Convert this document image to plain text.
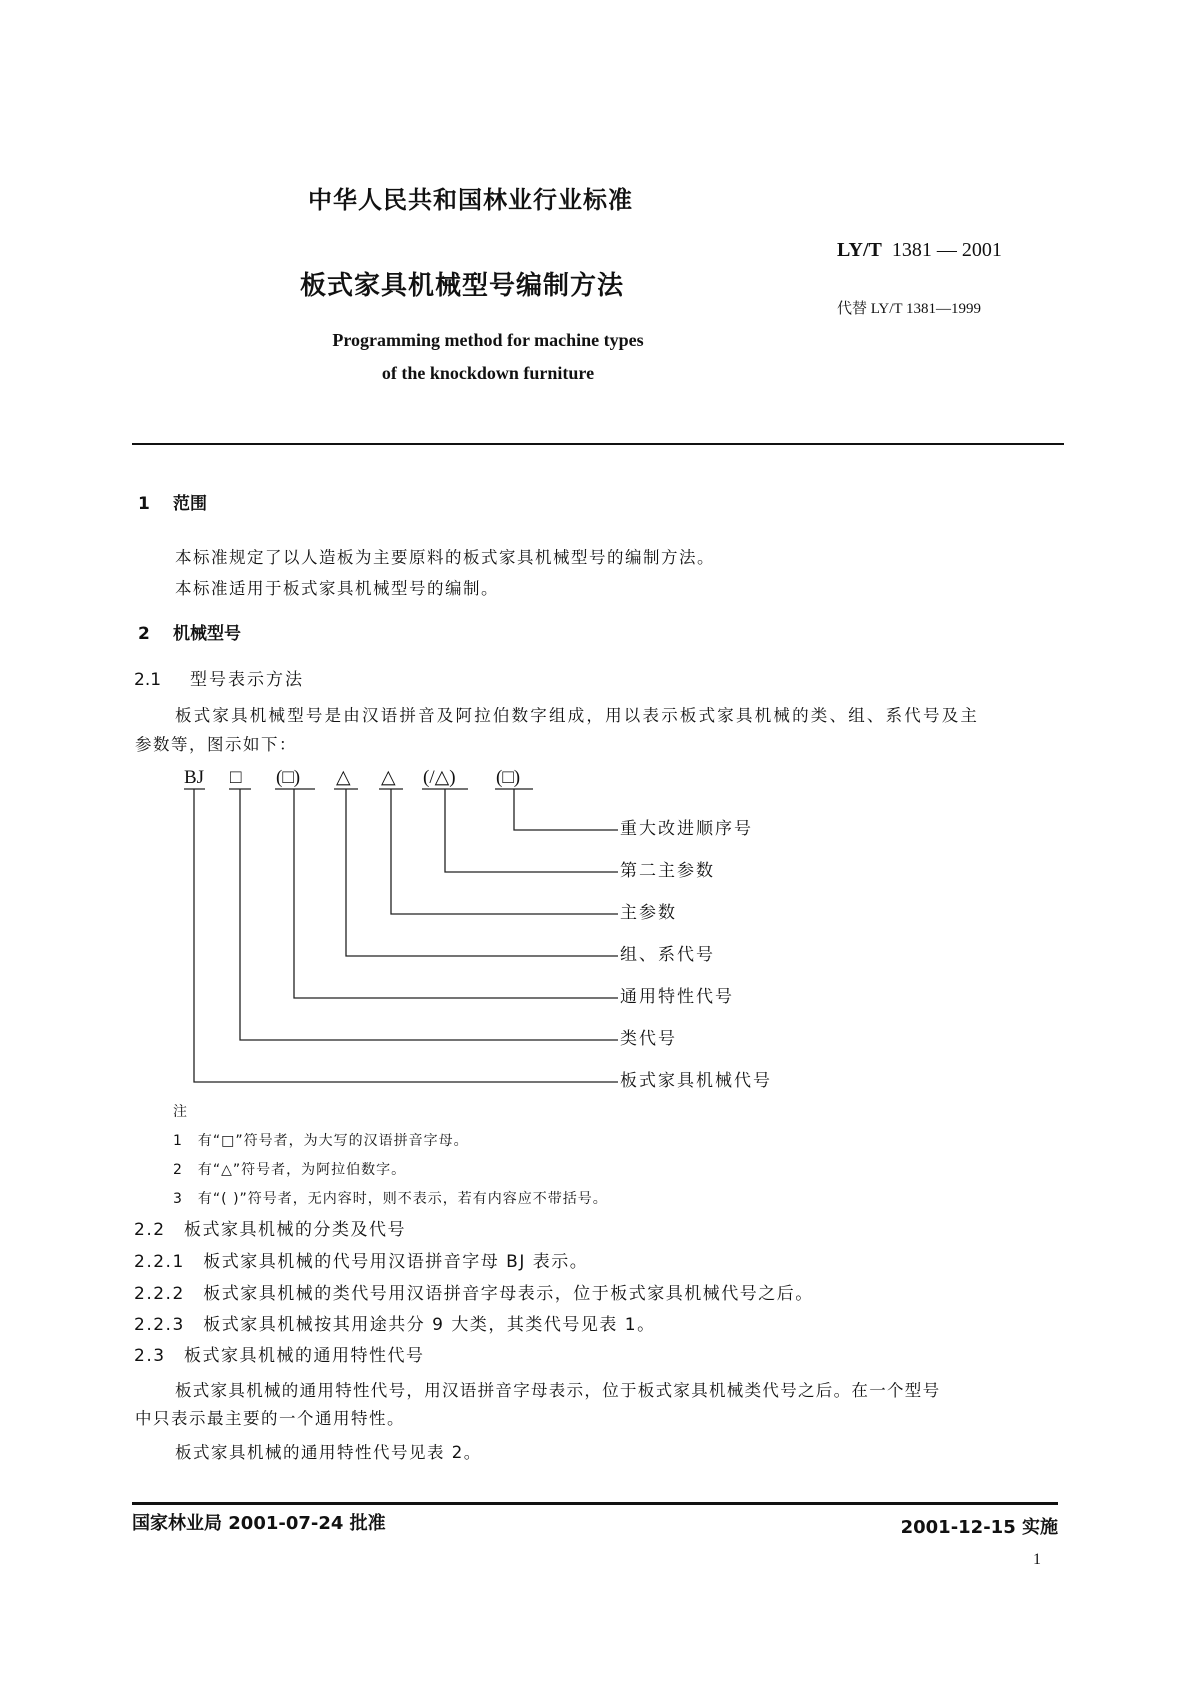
中华人民共和国林业行业标准
LY/T 1381 — 2001
板式家具机械型号编制方法
代替 LY/T 1381—1999
Programming method for machine types
of the knockdown furniture
1 范围
本标准规定了以人造板为主要原料的板式家具机械型号的编制方法。
本标准适用于板式家具机械型号的编制。
2 机械型号
2.1 型号表示方法
板式家具机械型号是由汉语拼音及阿拉伯数字组成，用以表示板式家具机械的类、组、系代号及主
参数等，图示如下：
BJ □ (□) △ △ (/△) (□)
重大改进顺序号
第二主参数
主参数
组、系代号
通用特性代号
类代号
板式家具机械代号
注
1　有“□”符号者，为大写的汉语拼音字母。
2　有“△”符号者，为阿拉伯数字。
3　有“( )”符号者，无内容时，则不表示，若有内容应不带括号。
2.2　板式家具机械的分类及代号
2.2.1　板式家具机械的代号用汉语拼音字母 BJ 表示。
2.2.2　板式家具机械的类代号用汉语拼音字母表示，位于板式家具机械代号之后。
2.2.3　板式家具机械按其用途共分 9 大类，其类代号见表 1。
2.3　板式家具机械的通用特性代号
板式家具机械的通用特性代号，用汉语拼音字母表示，位于板式家具机械类代号之后。在一个型号
中只表示最主要的一个通用特性。
板式家具机械的通用特性代号见表 2。
国家林业局 2001-07-24 批准	2001-12-15 实施
1
